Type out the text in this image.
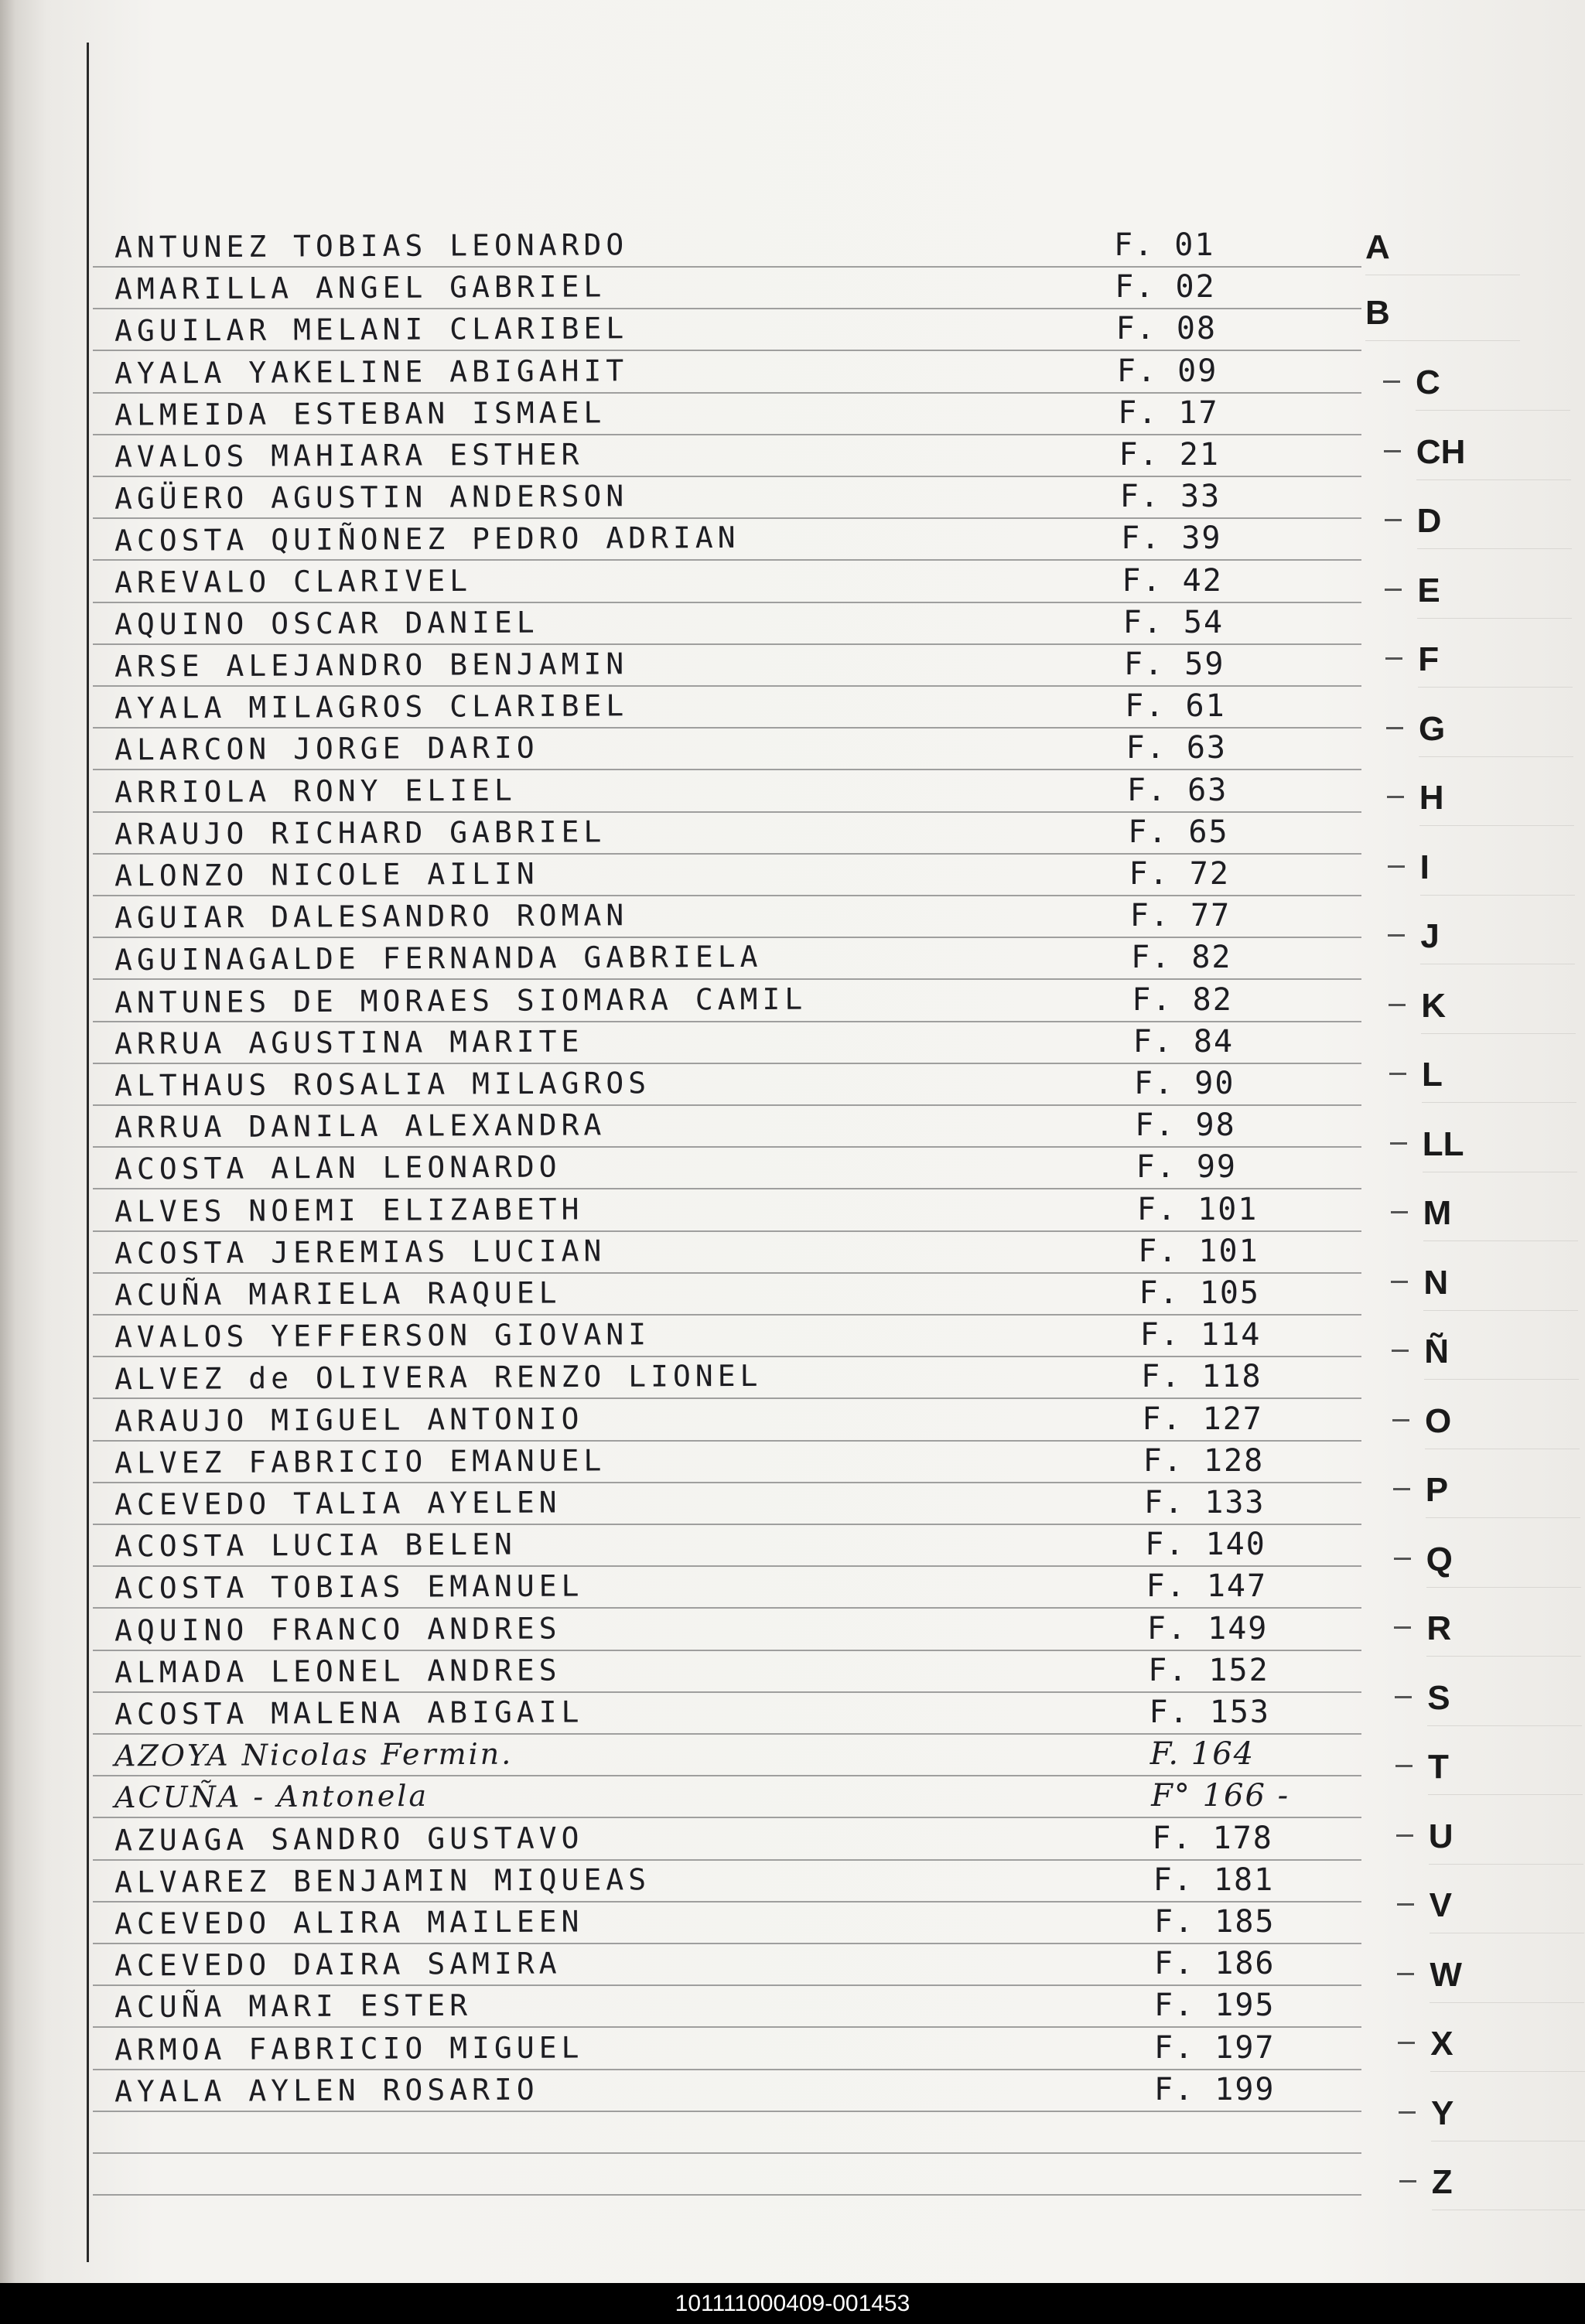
ANTUNEZ TOBIAS LEONARDO	F. 01
AMARILLA ANGEL GABRIEL	F. 02
AGUILAR MELANI CLARIBEL	F. 08
AYALA YAKELINE ABIGAHIT	F. 09
ALMEIDA ESTEBAN ISMAEL	F. 17
AVALOS MAHIARA ESTHER	F. 21
AGÜERO AGUSTIN ANDERSON	F. 33
ACOSTA QUIÑONEZ PEDRO ADRIAN	F. 39
AREVALO CLARIVEL	F. 42
AQUINO OSCAR DANIEL	F. 54
ARSE ALEJANDRO BENJAMIN	F. 59
AYALA MILAGROS CLARIBEL	F. 61
ALARCON JORGE DARIO	F. 63
ARRIOLA RONY ELIEL	F. 63
ARAUJO RICHARD GABRIEL	F. 65
ALONZO NICOLE AILIN	F. 72
AGUIAR DALESANDRO ROMAN	F. 77
AGUINAGALDE FERNANDA GABRIELA	F. 82
ANTUNES DE MORAES SIOMARA CAMIL	F. 82
ARRUA AGUSTINA MARITE	F. 84
ALTHAUS ROSALIA MILAGROS	F. 90
ARRUA DANILA ALEXANDRA	F. 98
ACOSTA ALAN LEONARDO	F. 99
ALVES NOEMI ELIZABETH	F. 101
ACOSTA JEREMIAS LUCIAN	F. 101
ACUÑA MARIELA RAQUEL	F. 105
AVALOS YEFFERSON GIOVANI	F. 114
ALVEZ de OLIVERA RENZO LIONEL	F. 118
ARAUJO MIGUEL ANTONIO	F. 127
ALVEZ FABRICIO EMANUEL	F. 128
ACEVEDO TALIA AYELEN	F. 133
ACOSTA LUCIA BELEN	F. 140
ACOSTA TOBIAS EMANUEL	F. 147
AQUINO FRANCO ANDRES	F. 149
ALMADA LEONEL ANDRES	F. 152
ACOSTA MALENA ABIGAIL	F. 153
AZOYA Nicolas Fermin.	F. 164
ACUÑA - Antonela	F° 166 -
AZUAGA SANDRO GUSTAVO	F. 178
ALVAREZ BENJAMIN MIQUEAS	F. 181
ACEVEDO ALIRA MAILEEN	F. 185
ACEVEDO DAIRA SAMIRA	F. 186
ACUÑA MARI ESTER	F. 195
ARMOA FABRICIO MIGUEL	F. 197
AYALA AYLEN ROSARIO	F. 199
A
B
C
CH
D
E
F
G
H
I
J
K
L
LL
M
N
Ñ
O
P
Q
R
S
T
U
V
W
X
Y
Z
101111000409-001453
